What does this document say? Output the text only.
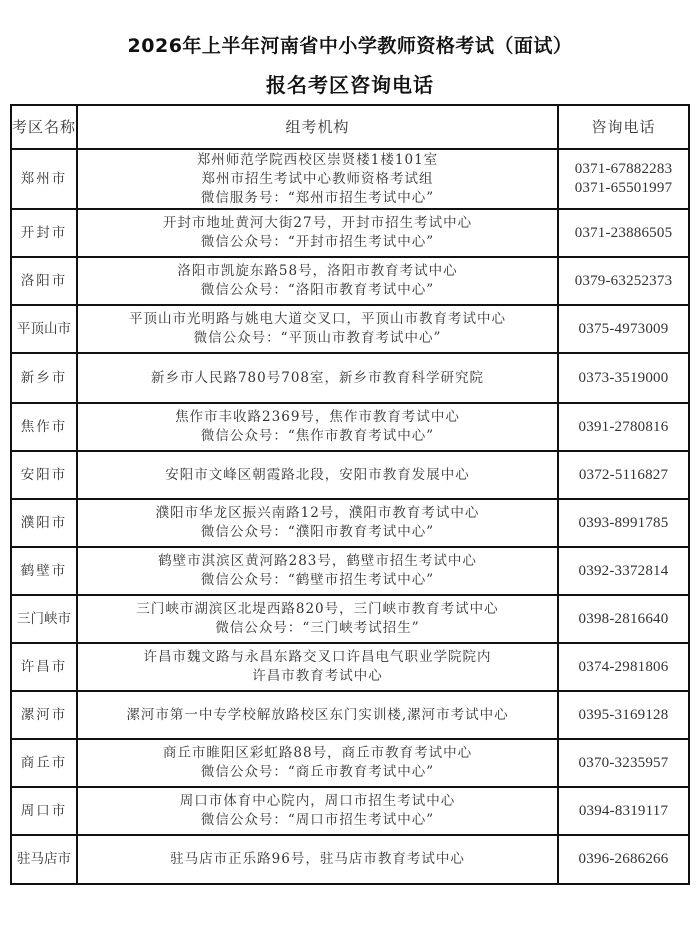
2026年上半年河南省中小学教师资格考试（面试）
报名考区咨询电话
考区名称	组考机构	咨询电话
郑州市	郑州师范学院西校区崇贤楼1楼101室
郑州市招生考试中心教师资格考试组
微信服务号：“郑州市招生考试中心”	0371-67882283
0371-65501997

开封市	开封市地址黄河大街27号，开封市招生考试中心
微信公众号：“开封市招生考试中心”	0371-23886505

洛阳市	洛阳市凯旋东路58号，洛阳市教育考试中心
微信公众号：“洛阳市教育考试中心”	0379-63252373

平顶山市	平顶山市光明路与姚电大道交叉口，平顶山市教育考试中心
微信公众号：“平顶山市教育考试中心”	0375-4973009

新乡市	新乡市人民路780号708室，新乡市教育科学研究院	0373-3519000

焦作市	焦作市丰收路2369号，焦作市教育考试中心
微信公众号：“焦作市教育考试中心”	0391-2780816

安阳市	安阳市文峰区朝霞路北段，安阳市教育发展中心	0372-5116827

濮阳市	濮阳市华龙区振兴南路12号，濮阳市教育考试中心
微信公众号：“濮阳市教育考试中心”	0393-8991785

鹤壁市	鹤壁市淇滨区黄河路283号，鹤壁市招生考试中心
微信公众号：“鹤壁市招生考试中心”	0392-3372814

三门峡市	三门峡市湖滨区北堤西路820号，三门峡市教育考试中心
微信公众号：“三门峡考试招生”	0398-2816640

许昌市	许昌市魏文路与永昌东路交叉口许昌电气职业学院院内
许昌市教育考试中心	0374-2981806

漯河市	漯河市第一中专学校解放路校区东门实训楼,漯河市考试中心	0395-3169128

商丘市	商丘市睢阳区彩虹路88号，商丘市教育考试中心
微信公众号：“商丘市教育考试中心”	0370-3235957

周口市	周口市体育中心院内，周口市招生考试中心
微信公众号：“周口市招生考试中心”	0394-8319117

驻马店市	驻马店市正乐路96号，驻马店市教育考试中心	0396-2686266
